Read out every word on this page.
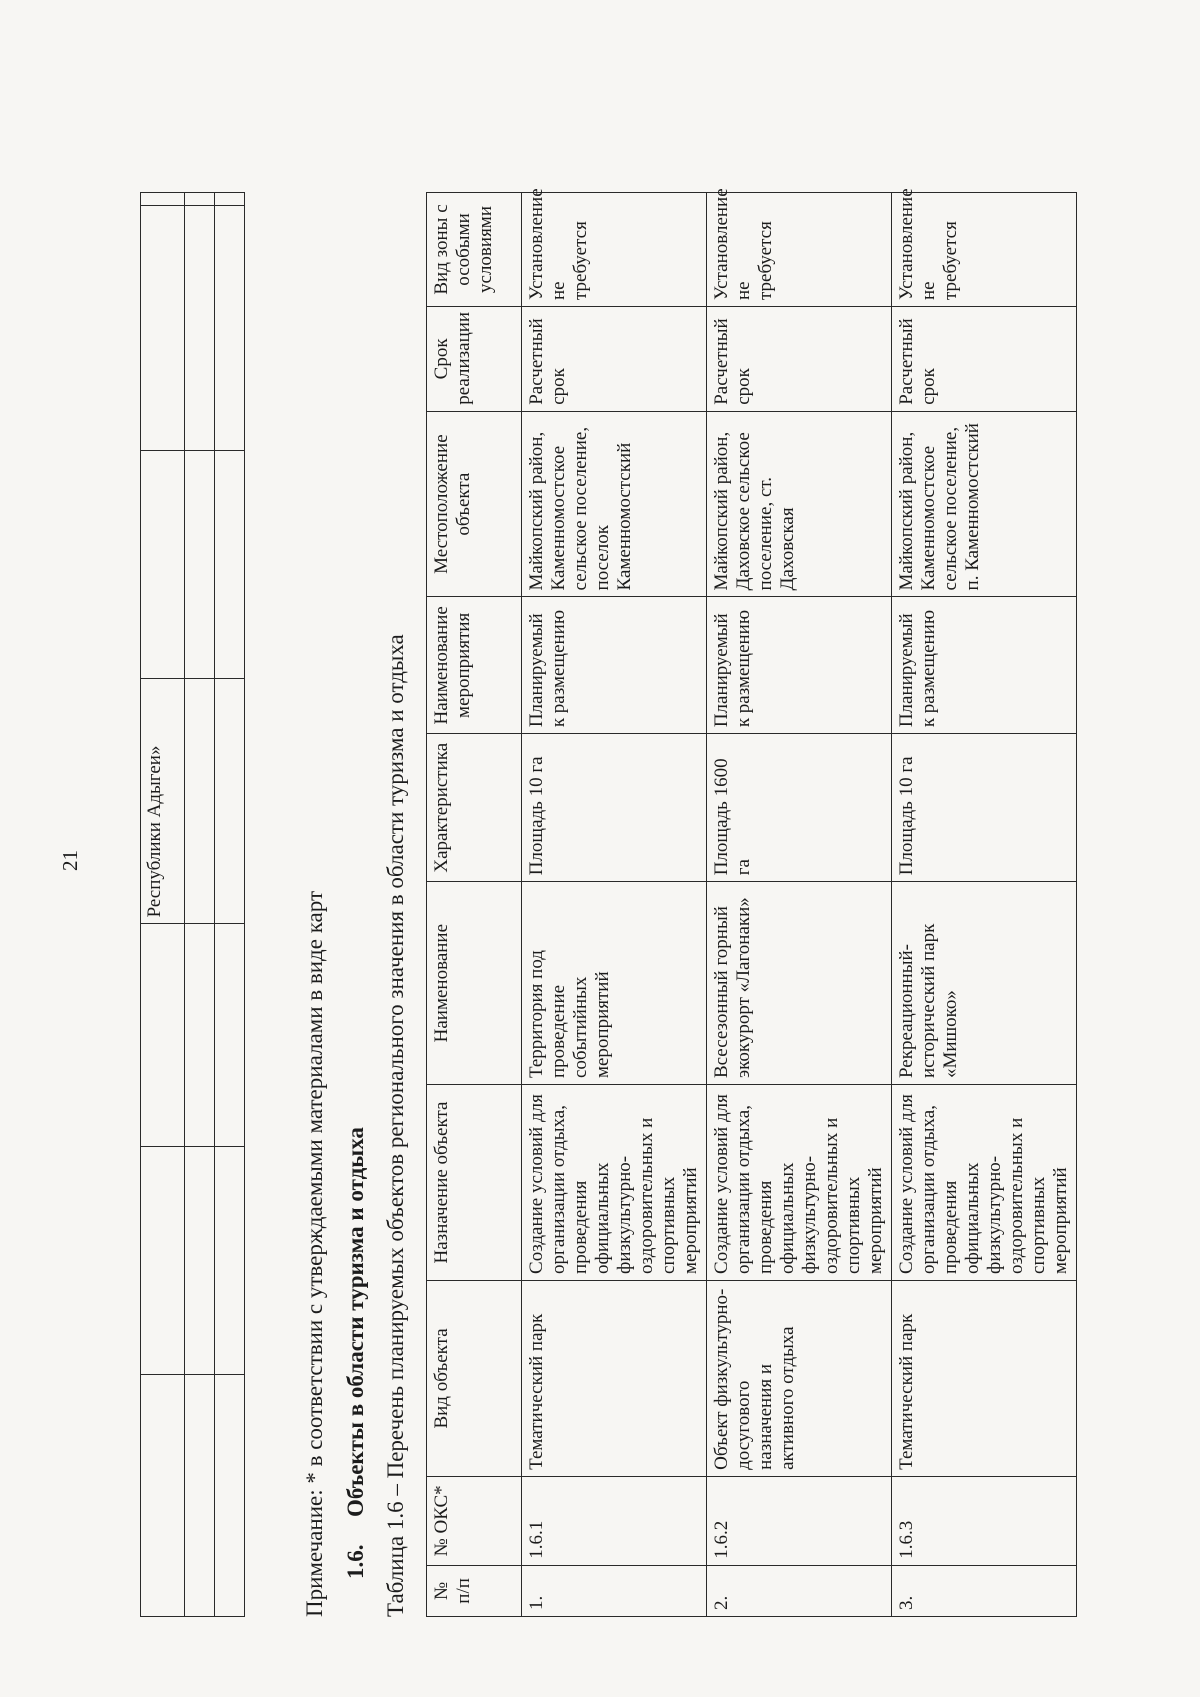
21
				Республики Адыгеи»			

Примечание: * в соответствии с утверждаемыми материалами в виде карт 1.6.Объекты в области туризма и отдыха Таблица 1.6 – Перечень планируемых объектов регионального значения в области туризма и отдыха № п/п	№ ОКС*	Вид объекта	Назначение объекта	Наименование	Характеристика	Наименование мероприятия	Местоположение объекта	Срок реализации	Вид зоны с особыми условиями
1.	1.6.1	Тематический парк	Создание условий для организации отдыха, проведения официальных физкультурно-оздоровительных и спортивных мероприятий	Территория под проведение событийных мероприятий	Площадь 10 га	Планируемый к размещению	Майкопский район, Каменномостское сельское поселение, поселок Каменномостский	Расчетный срок	Установление не требуется
2.	1.6.2	Объект физкультурно-досугового назначения и активного отдыха	Создание условий для организации отдыха, проведения официальных физкультурно-оздоровительных и спортивных мероприятий	Всесезонный горный экокурорт «Лагонаки»	Площадь 1600 га	Планируемый к размещению	Майкопский район, Даховское сельское поселение, ст. Даховская	Расчетный срок	Установление не требуется
3.	1.6.3	Тематический парк	Создание условий для организации отдыха, проведения официальных физкультурно-оздоровительных и спортивных мероприятий	Рекреационный-исторический парк «Мишоко»	Площадь 10 га	Планируемый к размещению	Майкопский район, Каменномостское сельское поселение, п. Каменномостский	Расчетный срок	Установление не требуется
